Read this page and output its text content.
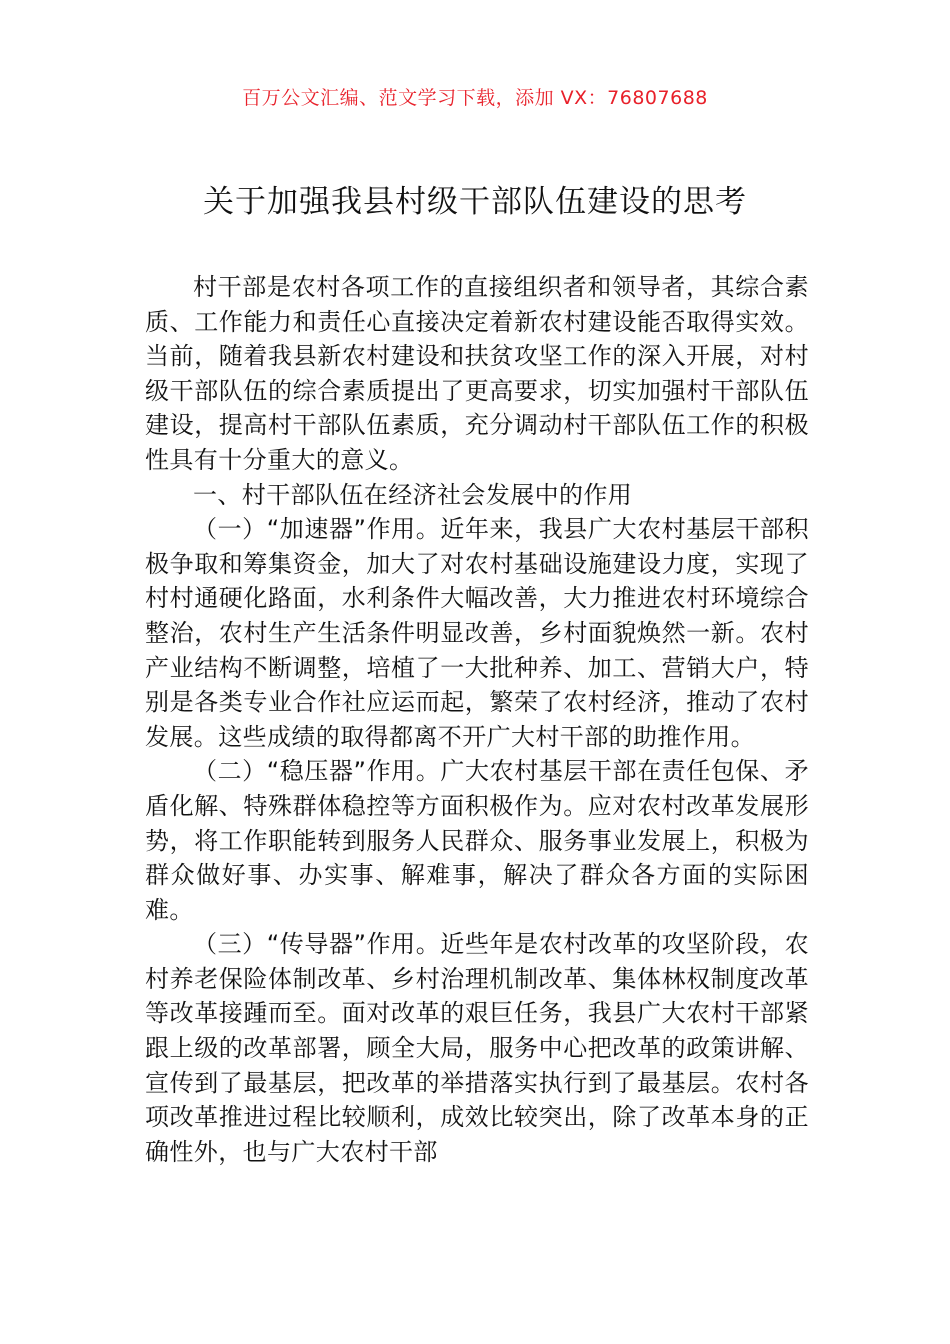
百万公文汇编、范文学习下载，添加 VX：76807688
关于加强我县村级干部队伍建设的思考

村干部是农村各项工作的直接组织者和领导者，其综合素质、工作能力和责任心直接决定着新农村建设能否取得实效。当前，随着我县新农村建设和扶贫攻坚工作的深入开展，对村级干部队伍的综合素质提出了更高要求，切实加强村干部队伍建设，提高村干部队伍素质，充分调动村干部队伍工作的积极性具有十分重大的意义。

一、村干部队伍在经济社会发展中的作用

（一）“加速器”作用。近年来，我县广大农村基层干部积极争取和筹集资金，加大了对农村基础设施建设力度，实现了村村通硬化路面，水利条件大幅改善，大力推进农村环境综合整治，农村生产生活条件明显改善，乡村面貌焕然一新。农村产业结构不断调整，培植了一大批种养、加工、营销大户，特别是各类专业合作社应运而起，繁荣了农村经济，推动了农村发展。这些成绩的取得都离不开广大村干部的助推作用。

（二）“稳压器”作用。广大农村基层干部在责任包保、矛盾化解、特殊群体稳控等方面积极作为。应对农村改革发展形势，将工作职能转到服务人民群众、服务事业发展上，积极为群众做好事、办实事、解难事，解决了群众各方面的实际困难。

（三）“传导器”作用。近些年是农村改革的攻坚阶段，农村养老保险体制改革、乡村治理机制改革、集体林权制度改革等改革接踵而至。面对改革的艰巨任务，我县广大农村干部紧跟上级的改革部署，顾全大局，服务中心把改革的政策讲解、宣传到了最基层，把改革的举措落实执行到了最基层。农村各项改革推进过程比较顺利，成效比较突出，除了改革本身的正确性外，也与广大农村干部
